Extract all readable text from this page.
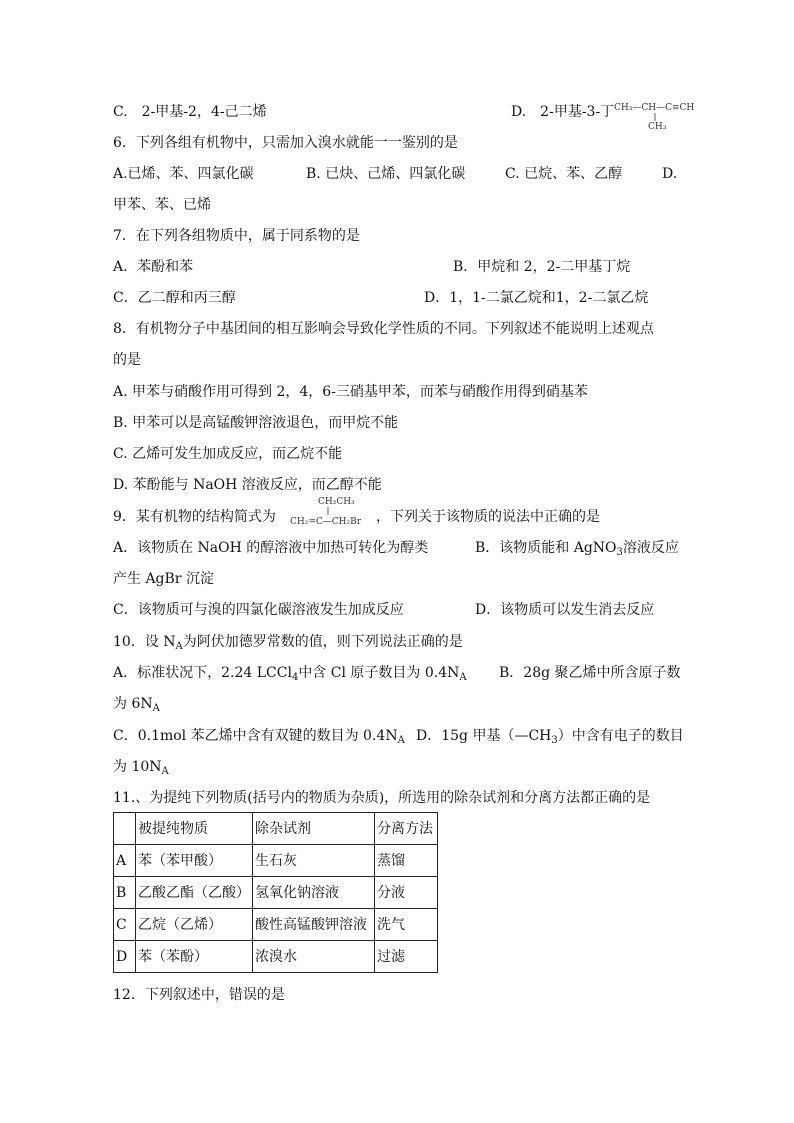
C.　2-甲基-2，4-己二烯	D.　2-甲基-3-丁 CH₃—CH—C≡CH
CH₃
6．下列各组有机物中，只需加入溴水就能一一鉴别的是
A.已烯、苯、四氯化碳	B. 已炔、己烯、四氯化碳	C. 已烷、苯、乙醇	D.
甲苯、苯、已烯
7．在下列各组物质中，属于同系物的是
A．苯酚和苯	B．甲烷和 2，2-二甲基丁烷
C．乙二醇和丙三醇	D．1，1-二氯乙烷和1，2-二氯乙烷
8．有机物分子中基团间的相互影响会导致化学性质的不同。下列叙述不能说明上述观点
的是
A. 甲苯与硝酸作用可得到 2，4，6-三硝基甲苯，而苯与硝酸作用得到硝基苯
B. 甲苯可以是高锰酸钾溶液退色，而甲烷不能
C. 乙烯可发生加成反应，而乙烷不能
D. 苯酚能与 NaOH 溶液反应，而乙醇不能
9．某有机物的结构简式为
CH₂CH₃
CH₂=C—CH₂Br ，下列关于该物质的说法中正确的是
A．该物质在 NaOH 的醇溶液中加热可转化为醇类	B．该物质能和 AgNO$_3$溶液反应
产生 AgBr 沉淀
C．该物质可与溴的四氯化碳溶液发生加成反应	D．该物质可以发生消去反应
10．设 $N_A$为阿伏加德罗常数的值，则下列说法正确的是
A．标准状况下，2.24 LCCl$_4$中含 Cl 原子数目为 $0.4N_A$ B．28g 聚乙烯中所含原子数
为 $6N_A$
C．0.1mol 苯乙烯中含有双键的数目为 $0.4N_A$ D．15g 甲基$(—CH_3)$中含有电子的数目
为 $10N_A$
11.、为提纯下列物质(括号内的物质为杂质)，所选用的除杂试剂和分离方法都正确的是
	被提纯物质	除杂试剂	分离方法
A	苯（苯甲酸）	生石灰	蒸馏
B	乙酸乙酯（乙酸）	氢氧化钠溶液	分液
C	乙烷（乙烯）	酸性高锰酸钾溶液	洗气
D	苯（苯酚）	浓溴水	过滤
12．下列叙述中，错误的是
